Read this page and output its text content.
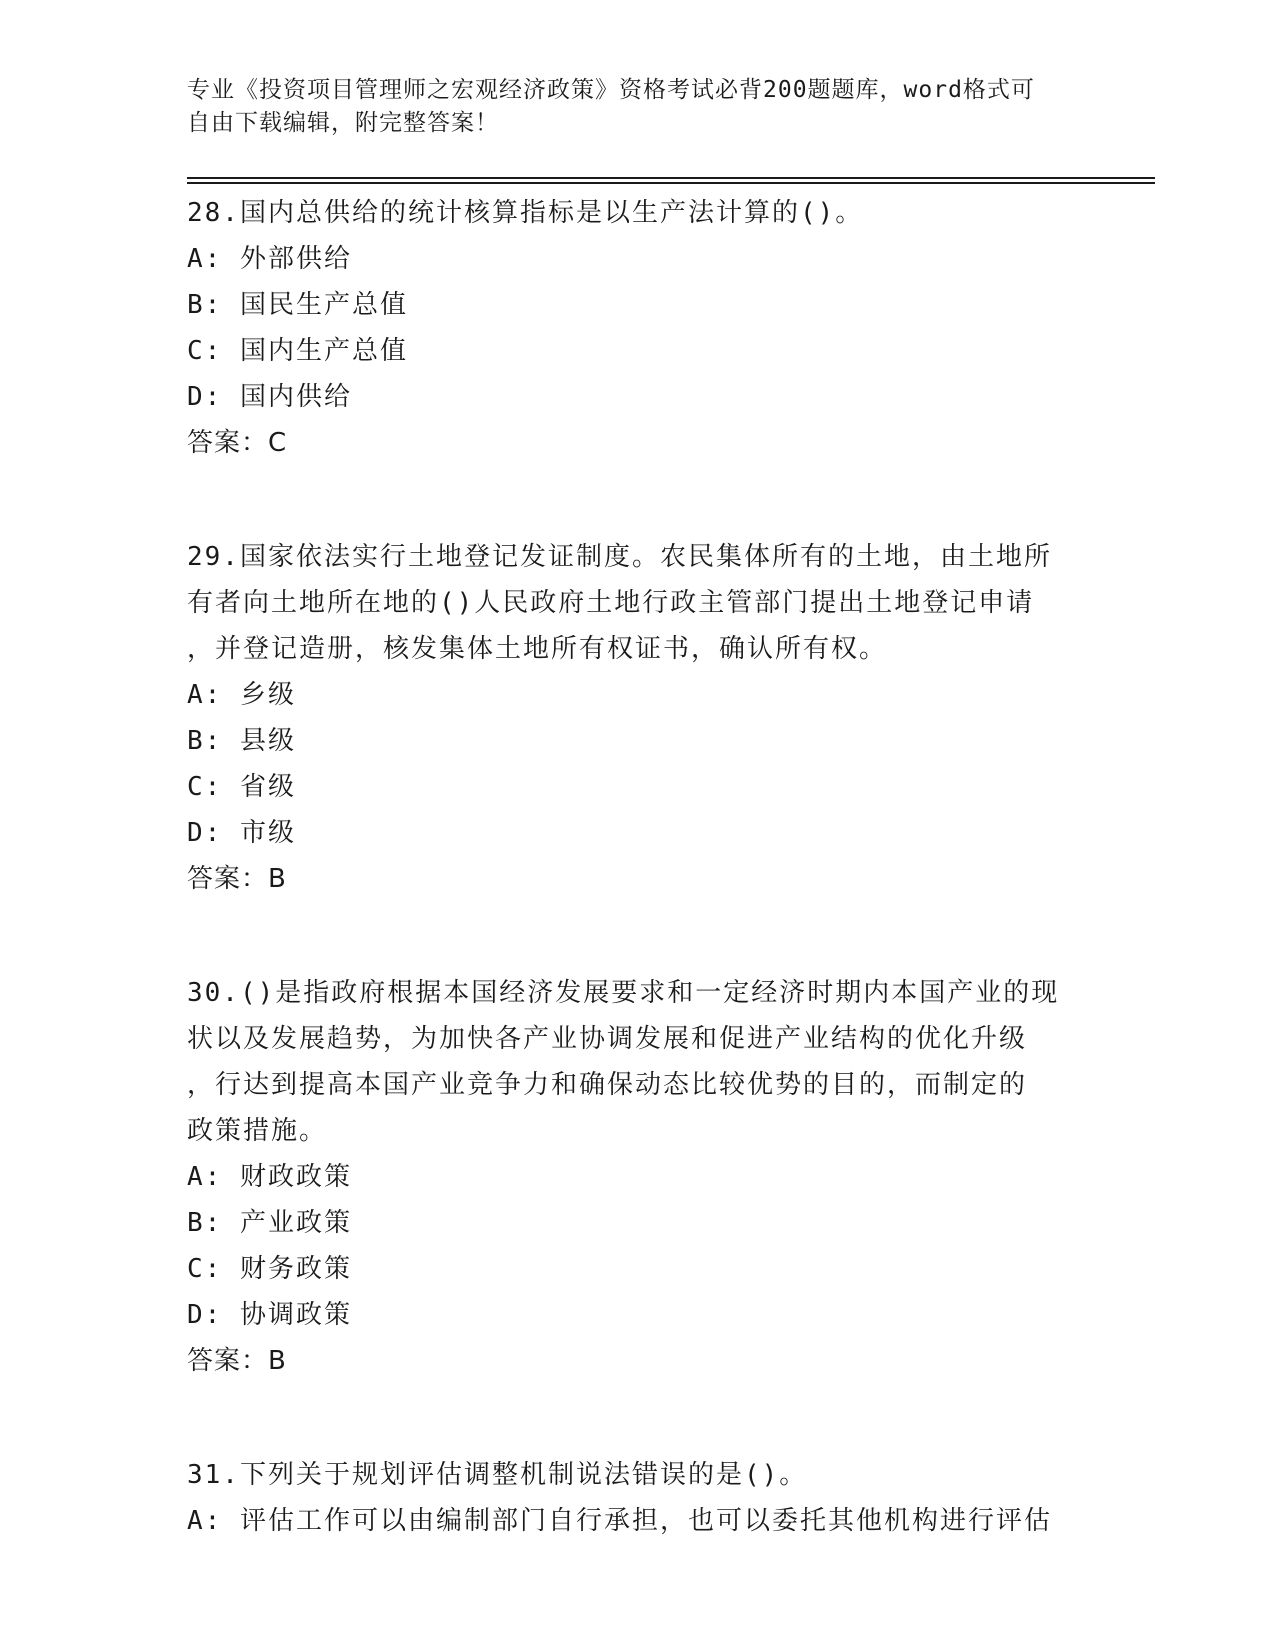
专业《投资项目管理师之宏观经济政策》资格考试必背200题题库，word格式可
自由下载编辑，附完整答案！
28.国内总供给的统计核算指标是以生产法计算的()。
A: 外部供给
B: 国民生产总值
C: 国内生产总值
D: 国内供给
答案：C
29.国家依法实行土地登记发证制度。农民集体所有的土地，由土地所
有者向土地所在地的()人民政府土地行政主管部门提出土地登记申请
，并登记造册，核发集体土地所有权证书，确认所有权。
A: 乡级
B: 县级
C: 省级
D: 市级
答案：B
30.()是指政府根据本国经济发展要求和一定经济时期内本国产业的现
状以及发展趋势，为加快各产业协调发展和促进产业结构的优化升级
，行达到提高本国产业竞争力和确保动态比较优势的目的，而制定的
政策措施。
A: 财政政策
B: 产业政策
C: 财务政策
D: 协调政策
答案：B
31.下列关于规划评估调整机制说法错误的是()。
A: 评估工作可以由编制部门自行承担，也可以委托其他机构进行评估
